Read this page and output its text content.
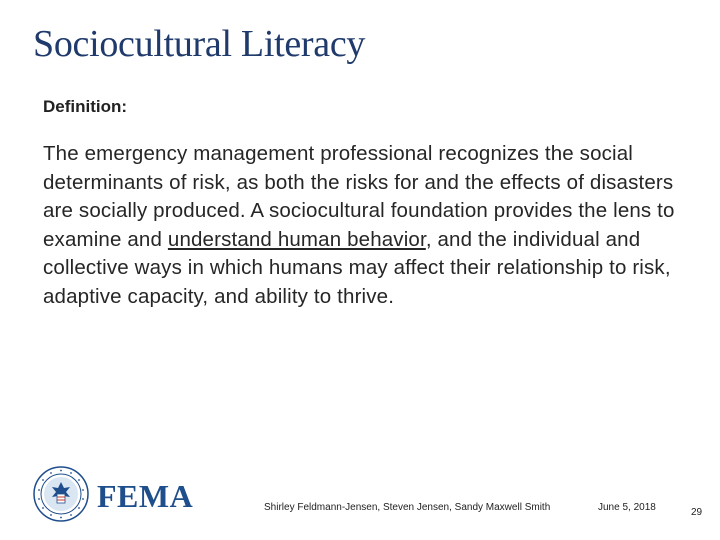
Sociocultural Literacy
Definition:
The emergency management professional recognizes the social determinants of risk, as both the risks for and the effects of disasters are socially produced. A sociocultural foundation provides the lens to examine and understand human behavior, and the individual and collective ways in which humans may affect their relationship to risk, adaptive capacity, and ability to thrive.
FEMA	Shirley Feldmann-Jensen, Steven Jensen, Sandy Maxwell Smith	June 5, 2018	29
